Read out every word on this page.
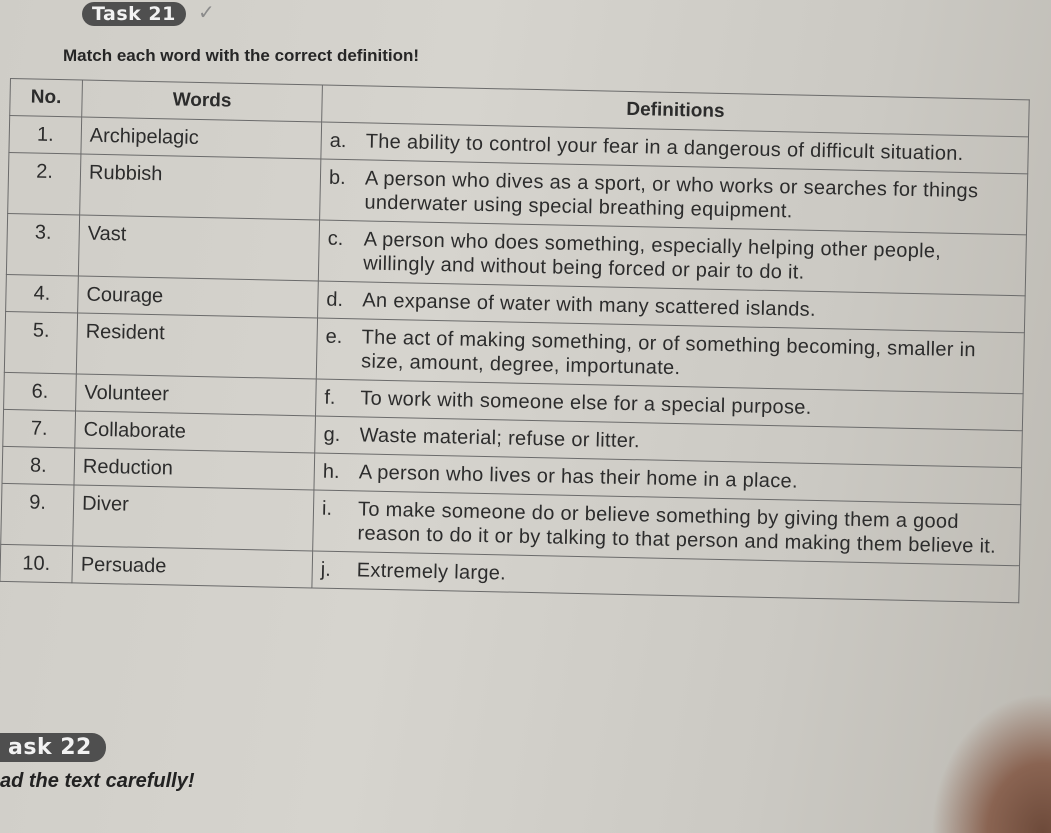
Task 21	✓
Match each word with the correct definition!
No.	Words	Definitions
1.	Archipelagic	a. The ability to control your fear in a dangerous of difficult situation.

2.	Rubbish	b. A person who dives as a sport, or who works or searches for things underwater using special breathing equipment.

3.	Vast	c. A person who does something, especially helping other people, willingly and without being forced or pair to do it.

4.	Courage	d. An expanse of water with many scattered islands.

5.	Resident	e. The act of making something, or of something becoming, smaller in size, amount, degree, importunate.

6.	Volunteer	f. To work with someone else for a special purpose.

7.	Collaborate	g. Waste material; refuse or litter.

8.	Reduction	h. A person who lives or has their home in a place.

9.	Diver	i. To make someone do or believe something by giving them a good reason to do it or by talking to that person and making them believe it.

10.	Persuade	j. Extremely large.
ask 22
ad the text carefully!
